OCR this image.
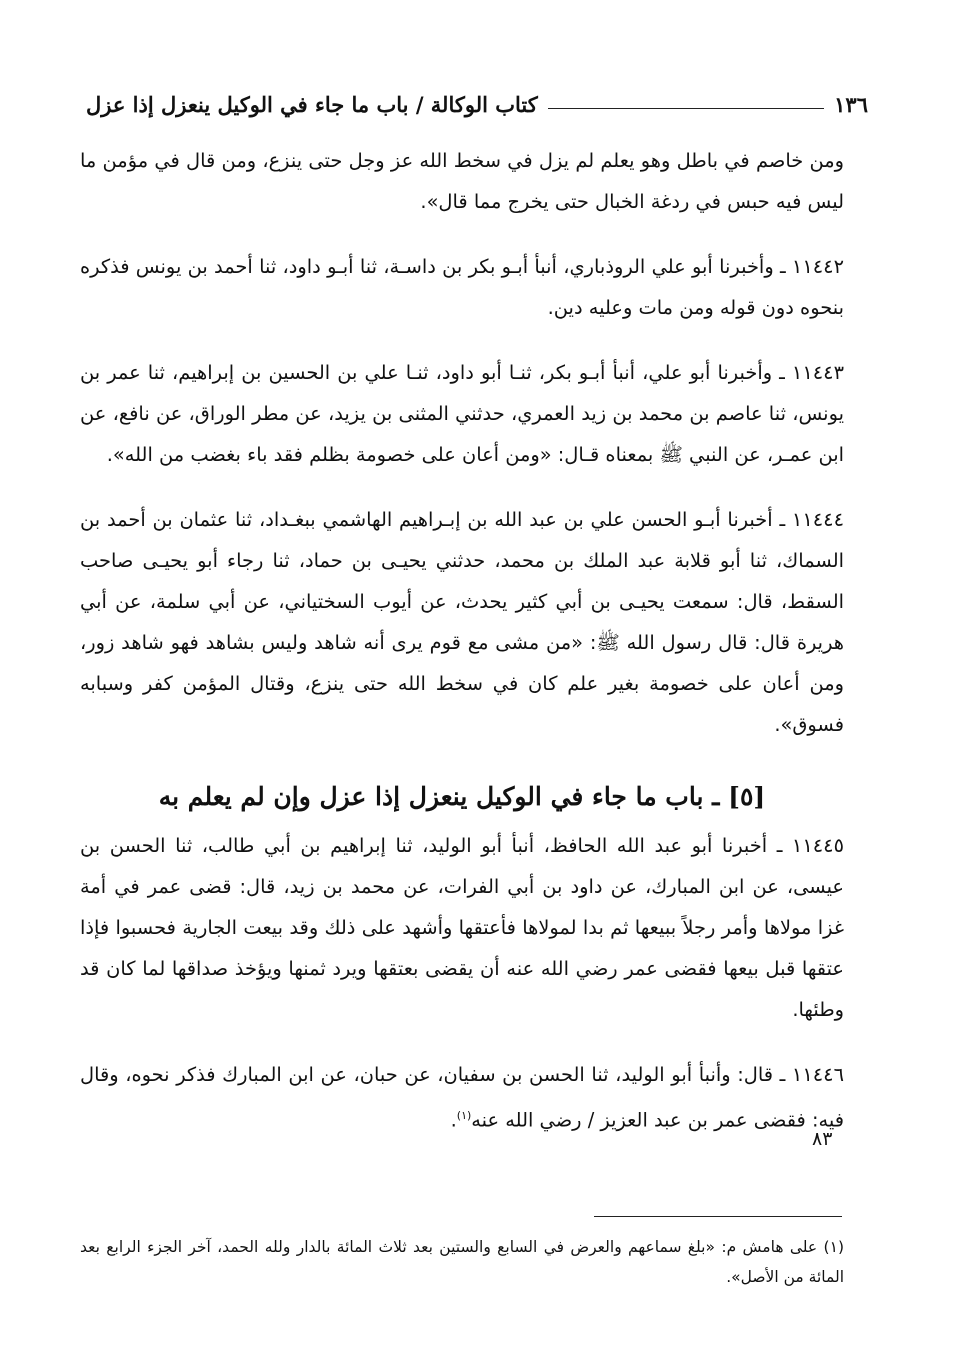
١٣٦
كتاب الوكالة / باب ما جاء في الوكيل ينعزل إذا عزل

ومن خاصم في باطل وهو يعلم لم يزل في سخط الله عز وجل حتى ينزع، ومن قال في مؤمن ما ليس فيه حبس في ردغة الخبال حتى يخرج مما قال».

١١٤٤٢ ـ وأخبرنا أبو علي الروذباري، أنبأ أبـو بكر بن داسـة، ثنا أبـو داود، ثنا أحمد بن يونس فذكره بنحوه دون قوله ومن مات وعليه دين.

١١٤٤٣ ـ وأخبرنا أبو علي، أنبأ أبـو بكر، ثنـا أبو داود، ثنـا علي بن الحسين بن إبراهيم، ثنا عمر بن يونس، ثنا عاصم بن محمد بن زيد العمري، حدثني المثنى بن يزيد، عن مطر الوراق، عن نافع، عن ابن عمـر، عن النبي ﷺ بمعناه قـال: «ومن أعان على خصومة بظلم فقد باء بغضب من الله».

١١٤٤٤ ـ أخبرنا أبـو الحسن علي بن عبد الله بن إبـراهيم الهاشمي ببغـداد، ثنا عثمان بن أحمد بن السماك، ثنا أبو قلابة عبد الملك بن محمد، حدثني يحيـى بن حماد، ثنا رجاء أبو يحيـى صاحب السقط، قال: سمعت يحيـى بن أبي كثير يحدث، عن أيوب السختياني، عن أبي سلمة، عن أبي هريرة قال: قال رسول الله ﷺ: «من مشى مع قوم يرى أنه شاهد وليس بشاهد فهو شاهد زور، ومن أعان على خصومة بغير علم كان في سخط الله حتى ينزع، وقتال المؤمن كفر وسبابه فسوق».

[٥] ـ باب ما جاء في الوكيل ينعزل إذا عزل وإن لم يعلم به

١١٤٤٥ ـ أخبرنا أبو عبد الله الحافظ، أنبأ أبو الوليد، ثنا إبراهيم بن أبي طالب، ثنا الحسن بن عيسى، عن ابن المبارك، عن داود بن أبي الفرات، عن محمد بن زيد، قال: قضى عمر في أمة غزا مولاها وأمر رجلاً ببيعها ثم بدا لمولاها فأعتقها وأشهد على ذلك وقد بيعت الجارية فحسبوا فإذا عتقها قبل بيعها فقضى عمر رضي الله عنه أن يقضى بعتقها ويرد ثمنها ويؤخذ صداقها لما كان قد وطئها.

١١٤٤٦ ـ قال: وأنبأ أبو الوليد، ثنا الحسن بن سفيان، عن حبان، عن ابن المبارك فذكر نحوه، وقال فيه: فقضى عمر بن عبد العزيز / رضي الله عنه$^{(١)}$.

٨٣
(١) على هامش م: «بلغ سماعهم والعرض في السابع والستين بعد ثلاث المائة بالدار ولله الحمد، آخر الجزء الرابع بعد المائة من الأصل».
